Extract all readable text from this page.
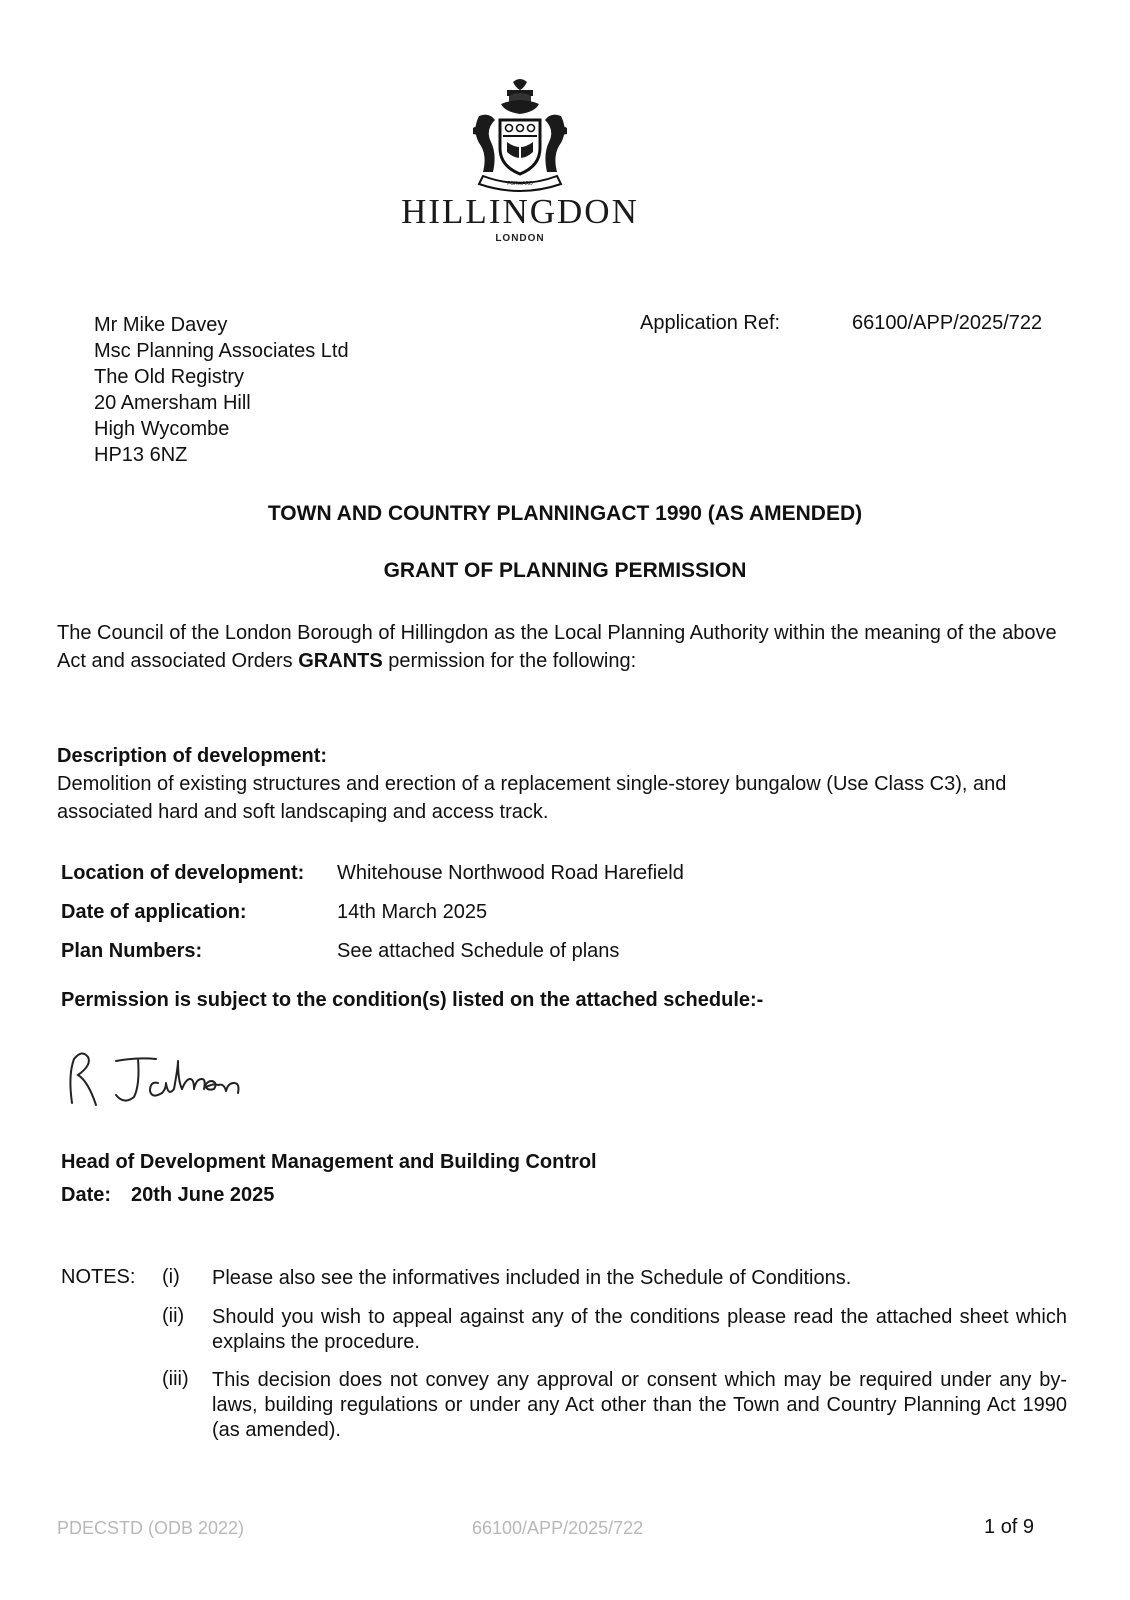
FORWARD
HILLINGDON
LONDON
Mr Mike Davey
Msc Planning Associates Ltd
The Old Registry
20 Amersham Hill
High Wycombe
HP13 6NZ
Application Ref:	66100/APP/2025/722
TOWN AND COUNTRY PLANNINGACT 1990 (AS AMENDED)
GRANT OF PLANNING PERMISSION
The Council of the London Borough of Hillingdon as the Local Planning Authority within the meaning of the above Act and associated Orders GRANTS permission for the following:
Description of development:
Demolition of existing structures and erection of a replacement single-storey bungalow (Use Class C3), and associated hard and soft landscaping and access track.
Location of development: Whitehouse Northwood Road Harefield
Date of application:	14th March 2025
Plan Numbers:	See attached Schedule of plans
Permission is subject to the condition(s) listed on the attached schedule:-
Head of Development Management and Building Control
Date: 20th June 2025
NOTES: (i) Please also see the informatives included in the Schedule of Conditions.
(ii) Should you wish to appeal against any of the conditions please read the attached sheet which explains the procedure.
(iii) This decision does not convey any approval or consent which may be required under any by-laws, building regulations or under any Act other than the Town and Country Planning Act 1990 (as amended).
PDECSTD (ODB 2022)	66100/APP/2025/722	1 of 9
